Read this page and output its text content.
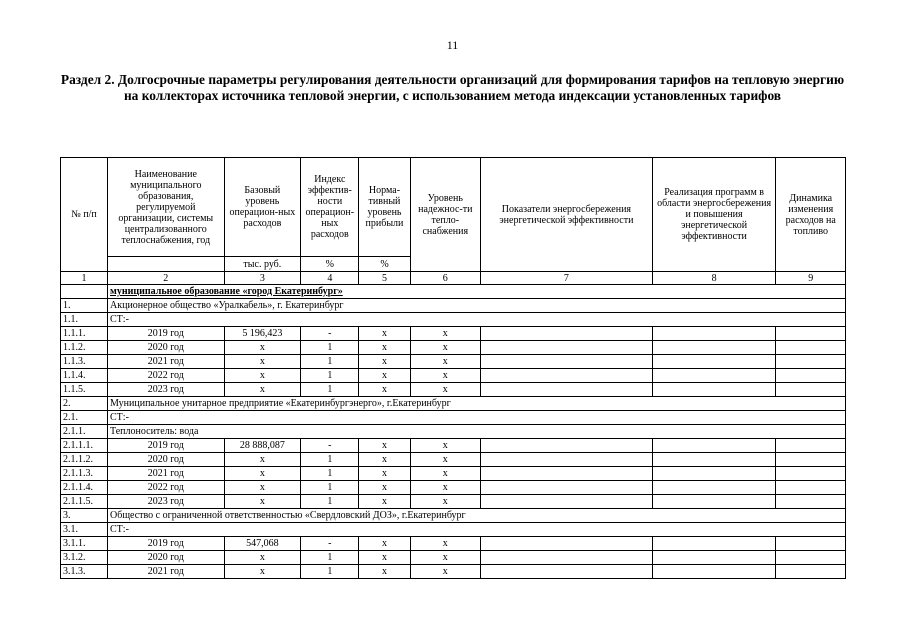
11
Раздел 2. Долгосрочные параметры регулирования деятельности организаций для формирования тарифов на тепловую энергию на коллекторах источника тепловой энергии, с использованием метода индексации установленных тарифов
№ п/п	Наименование муниципального образования, регулируемой организации, системы централизованного теплоснабжения, год	Базовый уровень операцион-ных расходов	Индекс эффектив-ности операцион-ных расходов	Норма-тивный уровень прибыли	Уровень надежнос-ти тепло-снабжения	Показатели энергосбережения энергетической эффективности	Реализация программ в области энергосбережения и повышения энергетической эффективности	Динамика изменения расходов на топливо
		тыс. руб.	%	%				
1	2	3	4	5	6	7	8	9
	муниципальное образование «город Екатеринбург»							
1.	Акционерное общество «Уралкабель», г. Екатеринбург							
1.1.	СТ:-							
1.1.1.	2019 год	5 196,423	-	x	x			
1.1.2.	2020 год	x	1	x	x			
1.1.3.	2021 год	x	1	x	x			
1.1.4.	2022 год	x	1	x	x			
1.1.5.	2023 год	x	1	x	x			
2.	Муниципальное унитарное предприятие «Екатеринбургэнерго», г.Екатеринбург							
2.1.	СТ:-							
2.1.1.	Теплоноситель: вода							
2.1.1.1.	2019 год	28 888,087	-	x	x			
2.1.1.2.	2020 год	x	1	x	x			
2.1.1.3.	2021 год	x	1	x	x			
2.1.1.4.	2022 год	x	1	x	x			
2.1.1.5.	2023 год	x	1	x	x			
3.	Общество с ограниченной ответственностью «Свердловский ДОЗ», г.Екатеринбург							
3.1.	СТ:-							
3.1.1.	2019 год	547,068	-	x	x			
3.1.2.	2020 год	x	1	x	x			
3.1.3.	2021 год	x	1	x	x			
